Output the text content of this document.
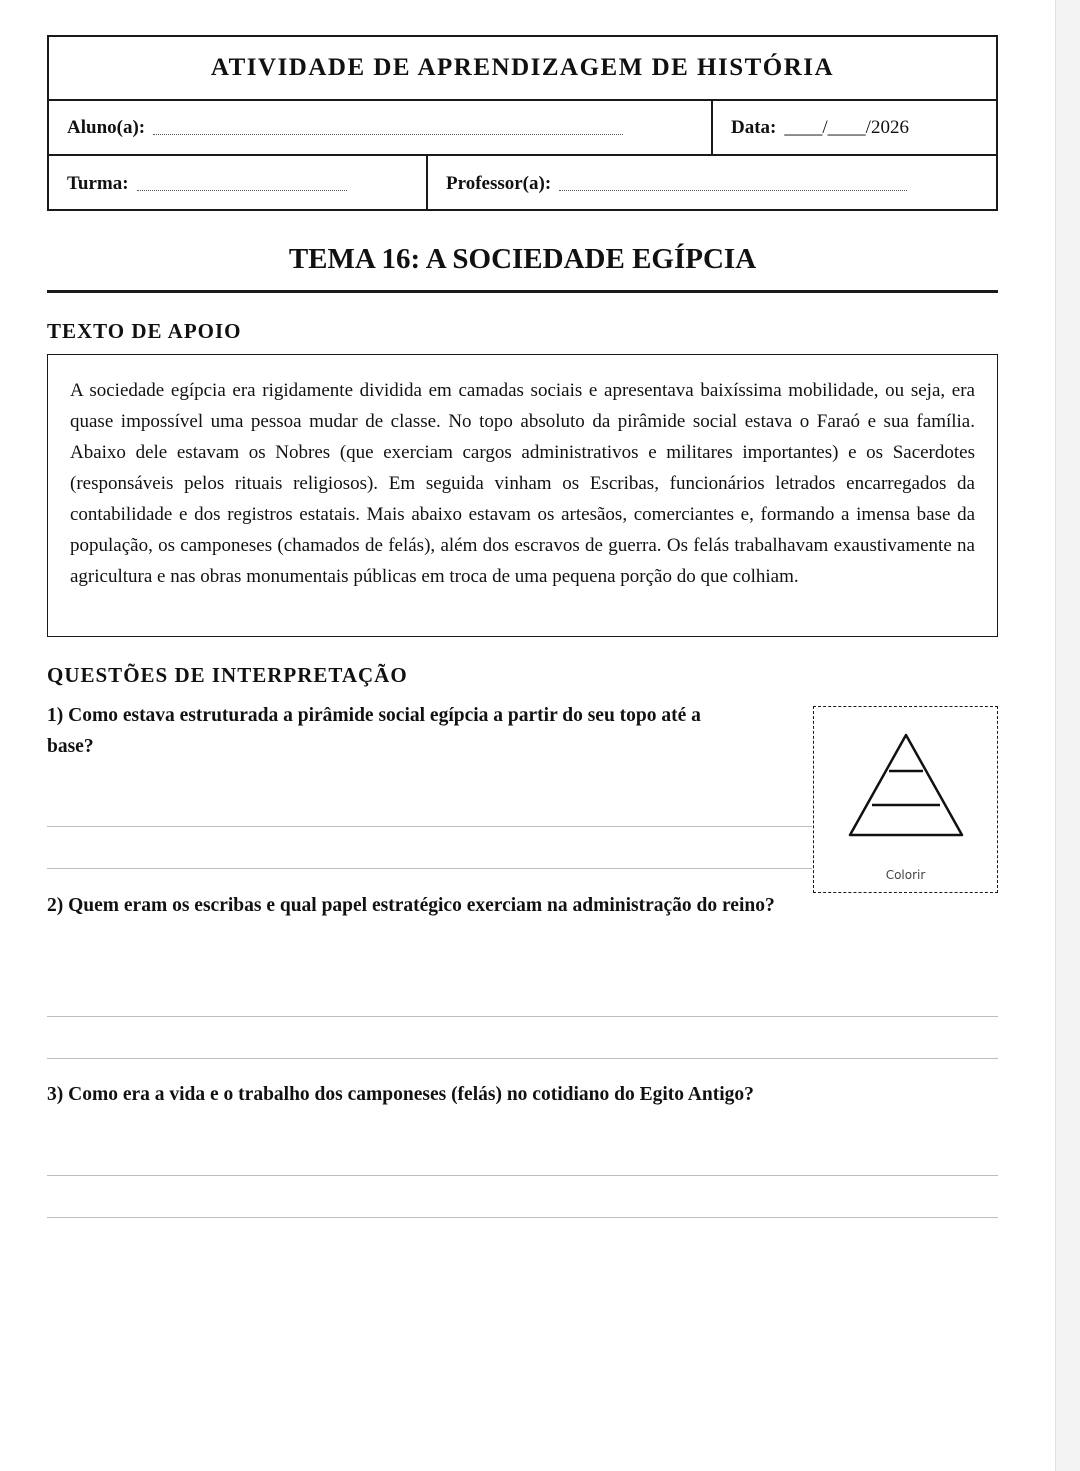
ATIVIDADE DE APRENDIZAGEM DE HISTÓRIA
Aluno(a):	Data: ____/____/2026
Turma:	Professor(a):
TEMA 16: A SOCIEDADE EGÍPCIA
TEXTO DE APOIO

A sociedade egípcia era rigidamente dividida em camadas sociais e apresentava baixíssima mobilidade, ou seja, era quase impossível uma pessoa mudar de classe. No topo absoluto da pirâmide social estava o Faraó e sua família. Abaixo dele estavam os Nobres (que exerciam cargos administrativos e militares importantes) e os Sacerdotes (responsáveis pelos rituais religiosos). Em seguida vinham os Escribas, funcionários letrados encarregados da contabilidade e dos registros estatais. Mais abaixo estavam os artesãos, comerciantes e, formando a imensa base da população, os camponeses (chamados de felás), além dos escravos de guerra. Os felás trabalhavam exaustivamente na agricultura e nas obras monumentais públicas em troca de uma pequena porção do que colhiam.

QUESTÕES DE INTERPRETAÇÃO
1) Como estava estruturada a pirâmide social egípcia a partir do seu topo até a base?
Colorir
2) Quem eram os escribas e qual papel estratégico exerciam na administração do reino?
3) Como era a vida e o trabalho dos camponeses (felás) no cotidiano do Egito Antigo?
